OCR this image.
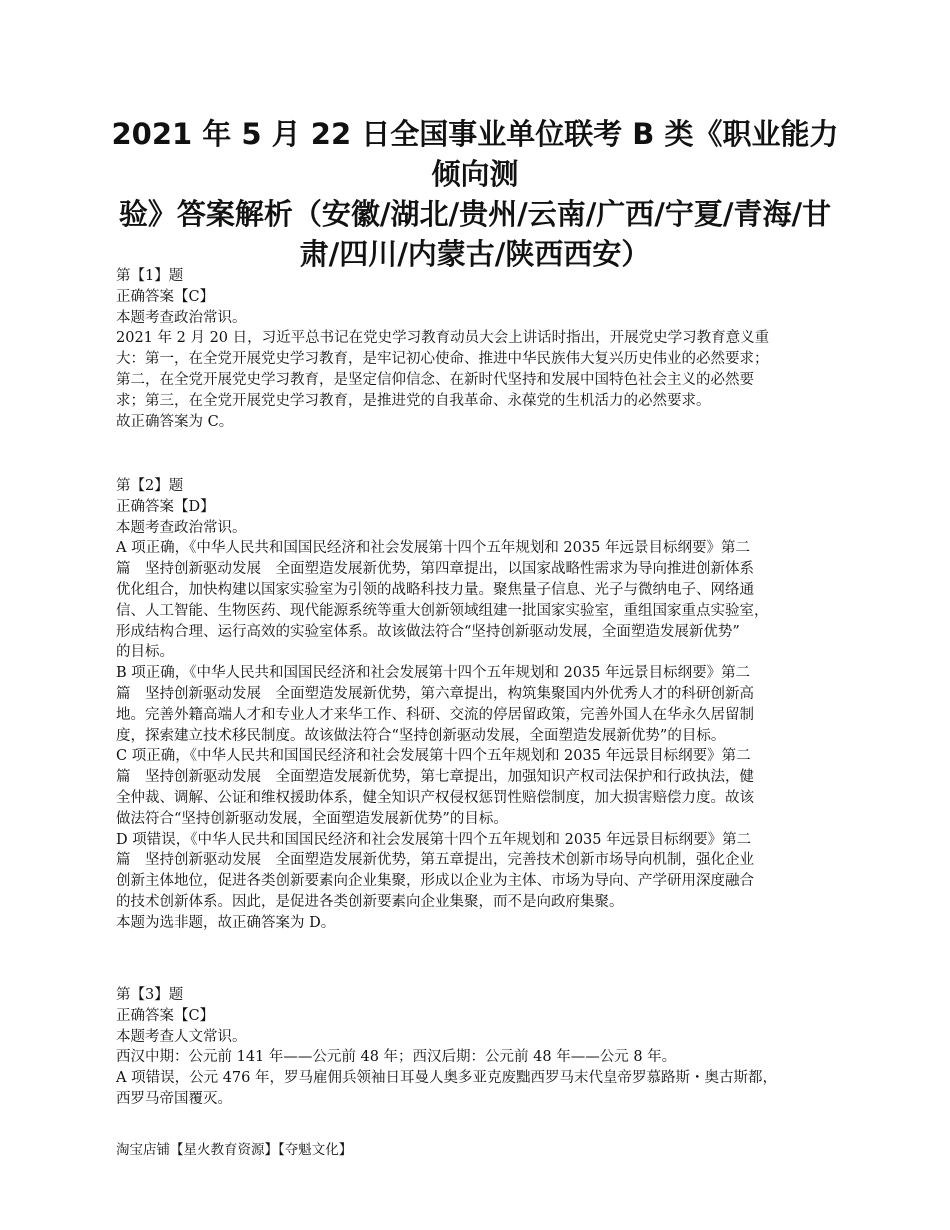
2021 年 5 月 22 日全国事业单位联考 B 类《职业能力倾向测
验》答案解析（安徽/湖北/贵州/云南/广西/宁夏/青海/甘
肃/四川/内蒙古/陕西西安）
第【1】题
正确答案【C】
本题考查政治常识。
2021 年 2 月 20 日，习近平总书记在党史学习教育动员大会上讲话时指出，开展党史学习教育意义重
大：第一，在全党开展党史学习教育，是牢记初心使命、推进中华民族伟大复兴历史伟业的必然要求；
第二，在全党开展党史学习教育，是坚定信仰信念、在新时代坚持和发展中国特色社会主义的必然要
求；第三，在全党开展党史学习教育，是推进党的自我革命、永葆党的生机活力的必然要求。
故正确答案为 C。
第【2】题
正确答案【D】
本题考查政治常识。
A 项正确，《中华人民共和国国民经济和社会发展第十四个五年规划和 2035 年远景目标纲要》第二
篇　坚持创新驱动发展　全面塑造发展新优势，第四章提出，以国家战略性需求为导向推进创新体系
优化组合，加快构建以国家实验室为引领的战略科技力量。聚焦量子信息、光子与微纳电子、网络通
信、人工智能、生物医药、现代能源系统等重大创新领域组建一批国家实验室，重组国家重点实验室，
形成结构合理、运行高效的实验室体系。故该做法符合“坚持创新驱动发展，全面塑造发展新优势”
的目标。
B 项正确，《中华人民共和国国民经济和社会发展第十四个五年规划和 2035 年远景目标纲要》第二
篇　坚持创新驱动发展　全面塑造发展新优势，第六章提出，构筑集聚国内外优秀人才的科研创新高
地。完善外籍高端人才和专业人才来华工作、科研、交流的停居留政策，完善外国人在华永久居留制
度，探索建立技术移民制度。故该做法符合“坚持创新驱动发展，全面塑造发展新优势”的目标。
C 项正确，《中华人民共和国国民经济和社会发展第十四个五年规划和 2035 年远景目标纲要》第二
篇　坚持创新驱动发展　全面塑造发展新优势，第七章提出，加强知识产权司法保护和行政执法，健
全仲裁、调解、公证和维权援助体系，健全知识产权侵权惩罚性赔偿制度，加大损害赔偿力度。故该
做法符合“坚持创新驱动发展，全面塑造发展新优势”的目标。
D 项错误，《中华人民共和国国民经济和社会发展第十四个五年规划和 2035 年远景目标纲要》第二
篇　坚持创新驱动发展　全面塑造发展新优势，第五章提出，完善技术创新市场导向机制，强化企业
创新主体地位，促进各类创新要素向企业集聚，形成以企业为主体、市场为导向、产学研用深度融合
的技术创新体系。因此，是促进各类创新要素向企业集聚，而不是向政府集聚。
本题为选非题，故正确答案为 D。
第【3】题
正确答案【C】
本题考查人文常识。
西汉中期：公元前 141 年——公元前 48 年；西汉后期：公元前 48 年——公元 8 年。
A 项错误，公元 476 年，罗马雇佣兵领袖日耳曼人奥多亚克废黜西罗马末代皇帝罗慕路斯・奥古斯都，
西罗马帝国覆灭。
淘宝店铺【星火教育资源】【夺魁文化】
